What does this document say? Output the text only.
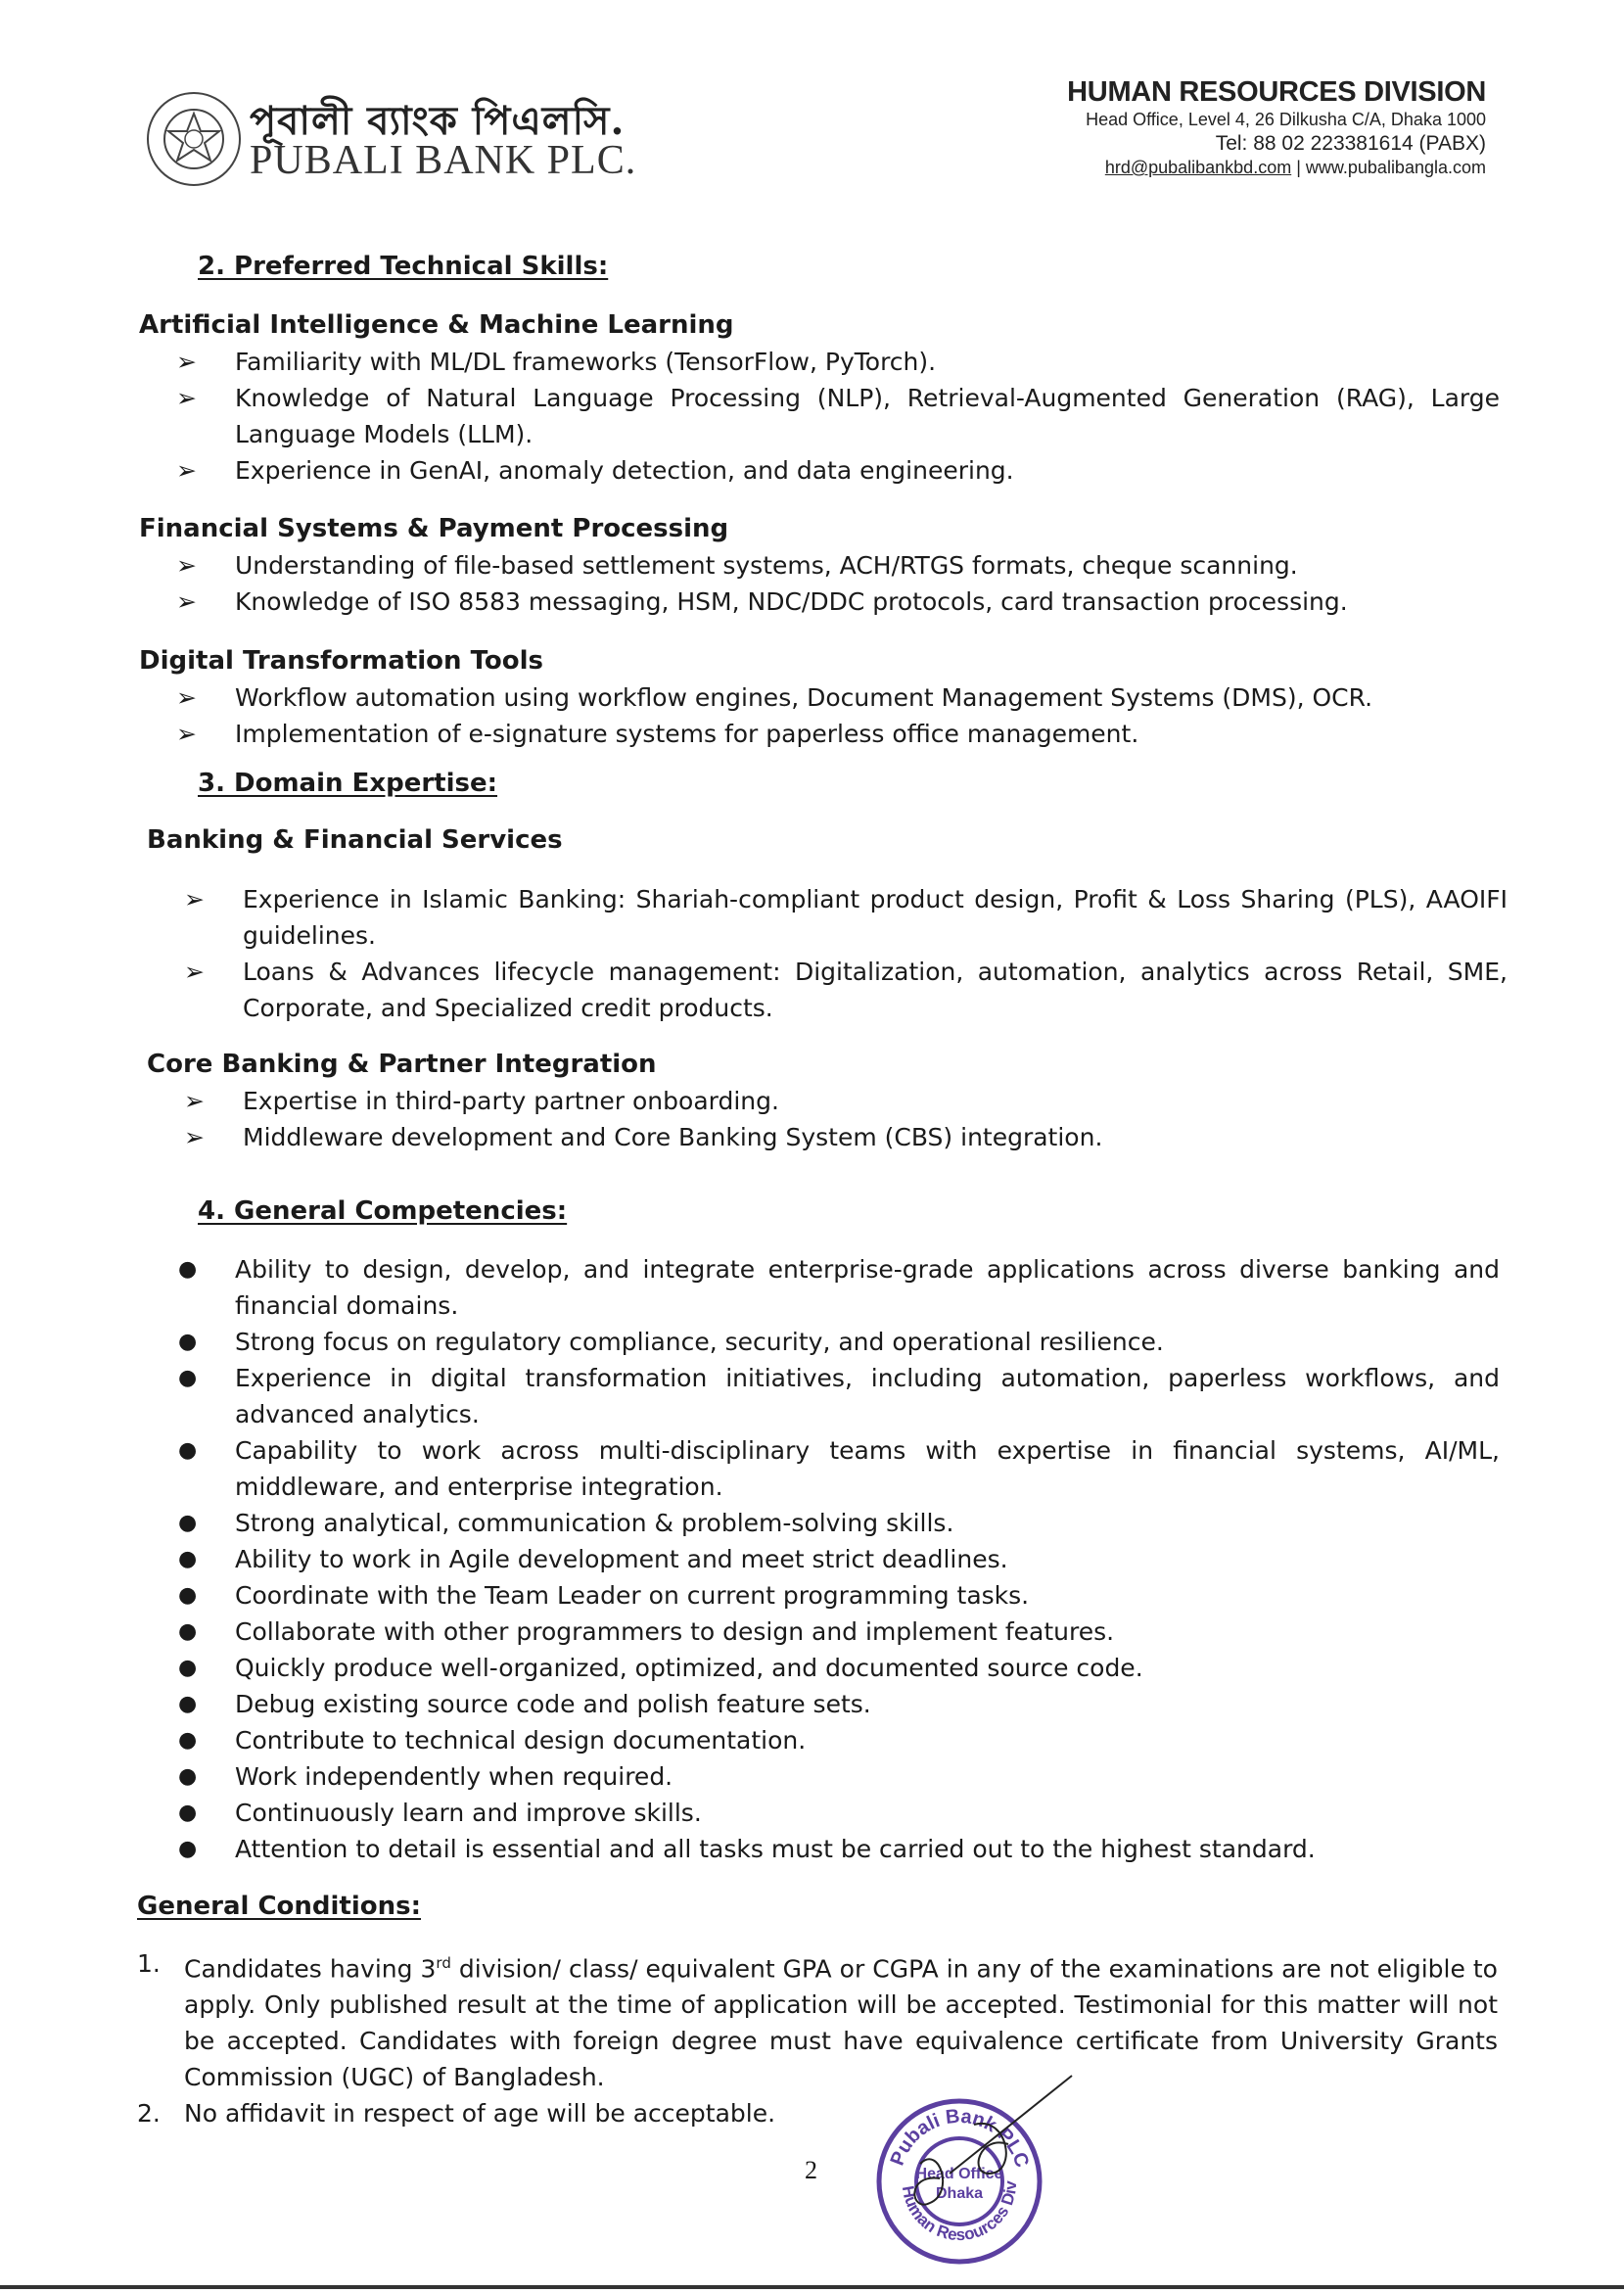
পূবালী ব্যাংক পিএলসি.
PUBALI BANK PLC.
HUMAN RESOURCES DIVISION
Head Office, Level 4, 26 Dilkusha C/A, Dhaka 1000
Tel: 88 02 223381614 (PABX)
hrd@pubalibankbd.com | www.pubalibangla.com
2. Preferred Technical Skills:
Artificial Intelligence & Machine Learning
➢ Familiarity with ML/DL frameworks (TensorFlow, PyTorch).
➢ Knowledge of Natural Language Processing (NLP), Retrieval-Augmented Generation (RAG), Large Language Models (LLM).
➢ Experience in GenAI, anomaly detection, and data engineering.
Financial Systems & Payment Processing
➢ Understanding of file-based settlement systems, ACH/RTGS formats, cheque scanning.
➢ Knowledge of ISO 8583 messaging, HSM, NDC/DDC protocols, card transaction processing.
Digital Transformation Tools
➢ Workflow automation using workflow engines, Document Management Systems (DMS), OCR.
➢ Implementation of e-signature systems for paperless office management.
3. Domain Expertise:
Banking & Financial Services
➢ Experience in Islamic Banking: Shariah-compliant product design, Profit & Loss Sharing (PLS), AAOIFI guidelines.
➢ Loans & Advances lifecycle management: Digitalization, automation, analytics across Retail, SME, Corporate, and Specialized credit products.
Core Banking & Partner Integration
➢ Expertise in third-party partner onboarding.
➢ Middleware development and Core Banking System (CBS) integration.
4. General Competencies:
● Ability to design, develop, and integrate enterprise-grade applications across diverse banking and financial domains.
● Strong focus on regulatory compliance, security, and operational resilience.
● Experience in digital transformation initiatives, including automation, paperless workflows, and advanced analytics.
● Capability to work across multi-disciplinary teams with expertise in financial systems, AI/ML, middleware, and enterprise integration.
● Strong analytical, communication & problem-solving skills.
● Ability to work in Agile development and meet strict deadlines.
● Coordinate with the Team Leader on current programming tasks.
● Collaborate with other programmers to design and implement features.
● Quickly produce well-organized, optimized, and documented source code.
● Debug existing source code and polish feature sets.
● Contribute to technical design documentation.
● Work independently when required.
● Continuously learn and improve skills.
● Attention to detail is essential and all tasks must be carried out to the highest standard.
General Conditions:
1. Candidates having 3rd division/ class/ equivalent GPA or CGPA in any of the examinations are not eligible to apply. Only published result at the time of application will be accepted. Testimonial for this matter will not be accepted. Candidates with foreign degree must have equivalence certificate from University Grants Commission (UGC) of Bangladesh.
2. No affidavit in respect of age will be acceptable.
2	Pubali Bank PLC
Human Resources Div
Head Office
Dhaka
